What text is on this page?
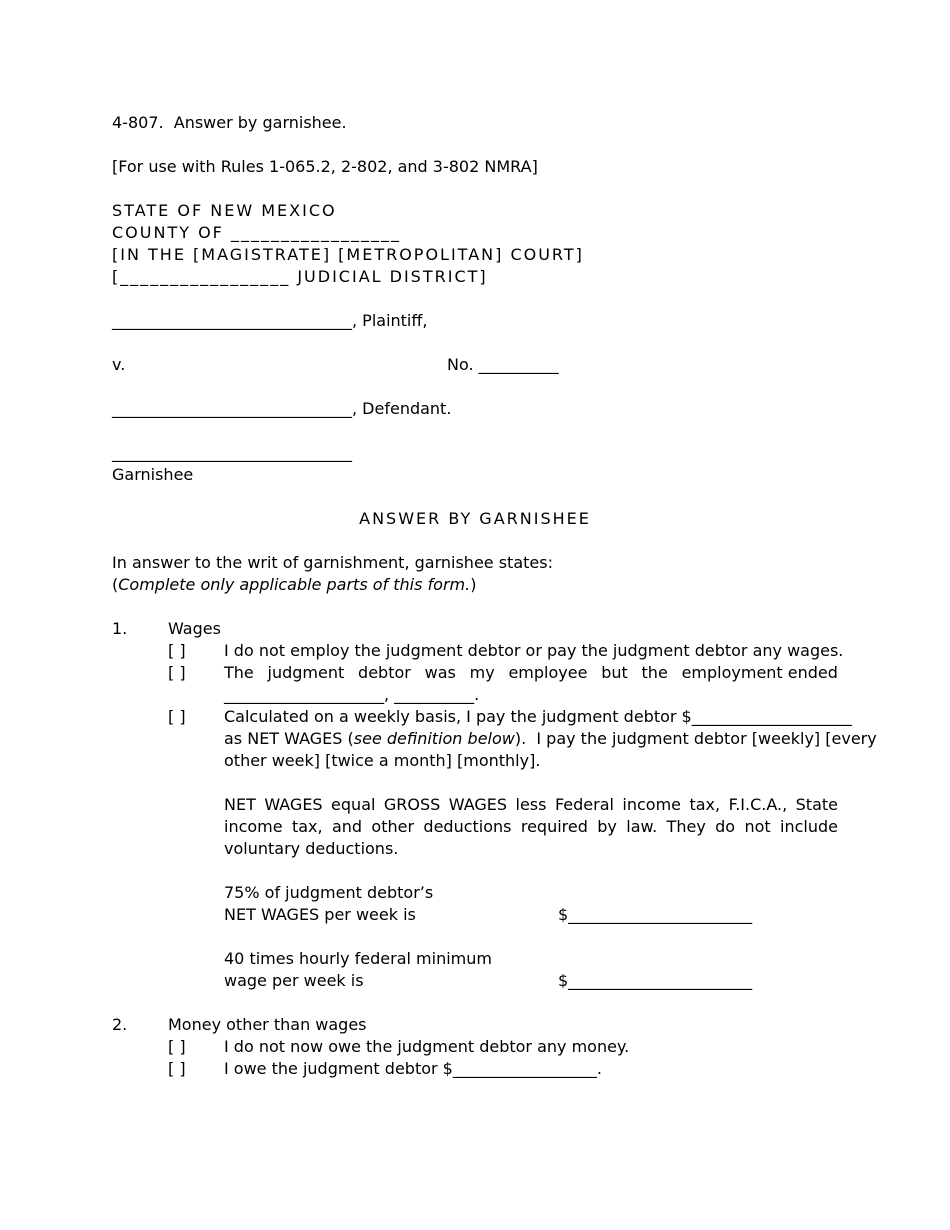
4-807.  Answer by garnishee.
[For use with Rules 1-065.2, 2-802, and 3-802 NMRA]
STATE OF NEW MEXICO
COUNTY OF _________________
[IN THE [MAGISTRATE] [METROPOLITAN] COURT]
[_________________ JUDICIAL DISTRICT]
______________________________, Plaintiff,
v.	No. __________
______________________________, Defendant.
______________________________
Garnishee
ANSWER BY GARNISHEE
In answer to the writ of garnishment, garnishee states:
(Complete only applicable parts of this form.)
1.	Wages
[ ] I do not employ the judgment debtor or pay the judgment debtor any wages.
[ ] The judgment debtor was my employee but the employment ended
____________________, __________.
[ ] Calculated on a weekly basis, I pay the judgment debtor $____________________
as NET WAGES (see definition below).  I pay the judgment debtor [weekly] [every
other week] [twice a month] [monthly].
NET WAGES equal GROSS WAGES less Federal income tax, F.I.C.A., State income tax, and other deductions required by law. They do not include voluntary deductions.
75% of judgment debtor’s
NET WAGES per week is	$_______________________
40 times hourly federal minimum
wage per week is	$_______________________
2.	Money other than wages
[ ] I do not now owe the judgment debtor any money.
[ ] I owe the judgment debtor $__________________.
